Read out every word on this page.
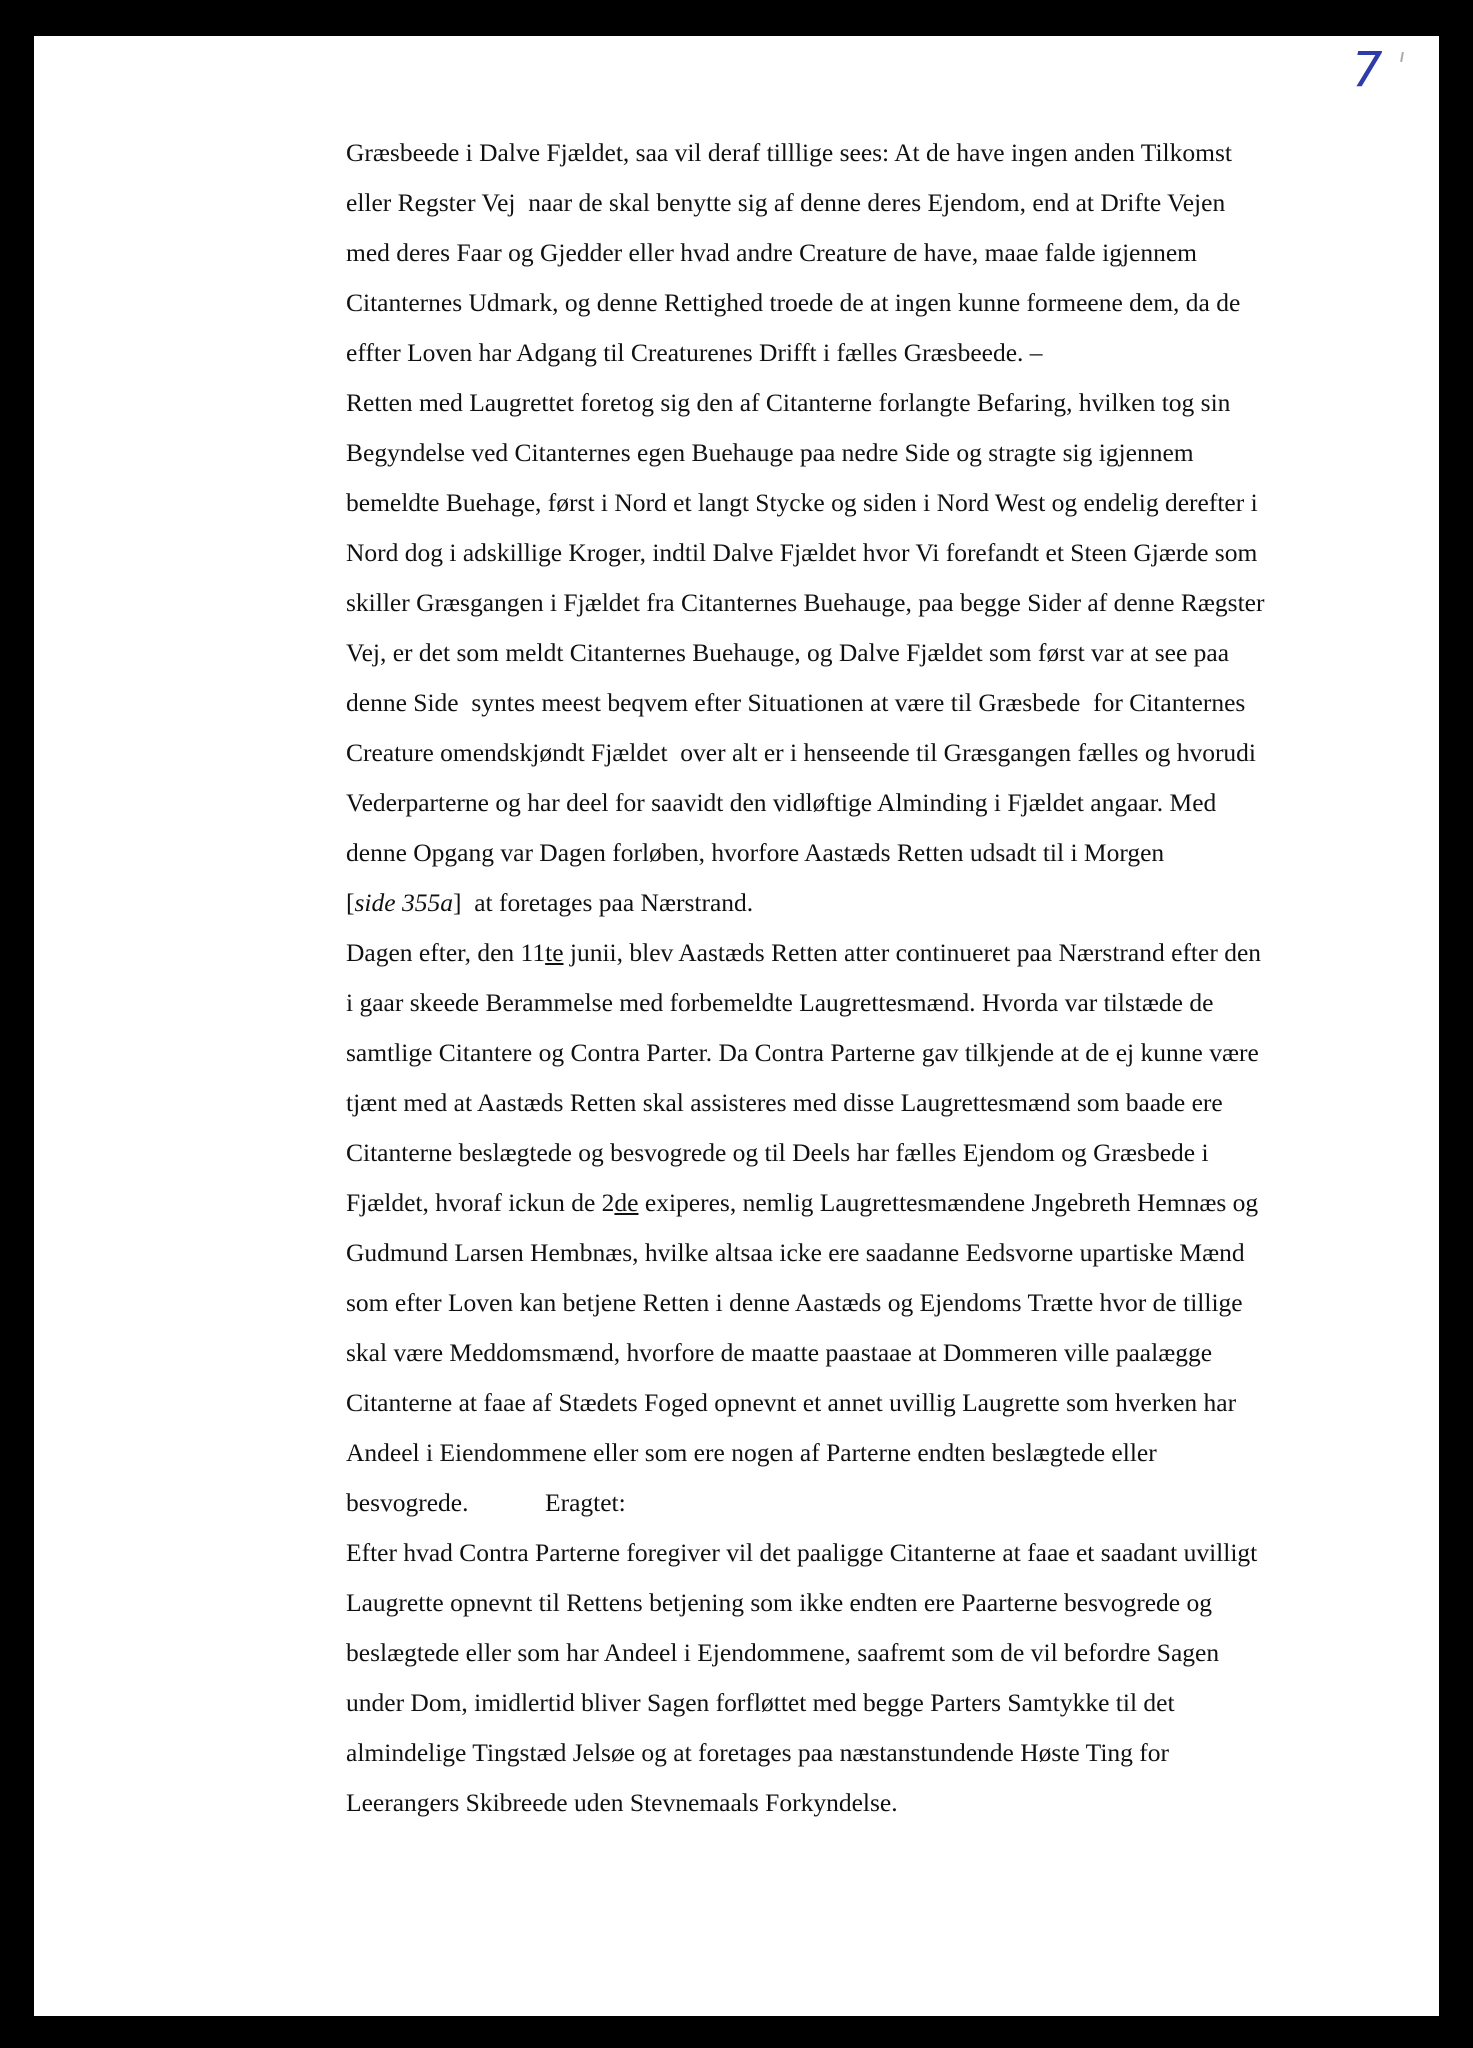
7
Græsbeede i Dalve Fjældet, saa vil deraf tilllige sees: At de have ingen anden Tilkomst
eller Regster Vej  naar de skal benytte sig af denne deres Ejendom, end at Drifte Vejen
med deres Faar og Gjedder eller hvad andre Creature de have, maae falde igjennem
Citanternes Udmark, og denne Rettighed troede de at ingen kunne formeene dem, da de
effter Loven har Adgang til Creaturenes Drifft i fælles Græsbeede. –
Retten med Laugrettet foretog sig den af Citanterne forlangte Befaring, hvilken tog sin
Begyndelse ved Citanternes egen Buehauge paa nedre Side og stragte sig igjennem
bemeldte Buehage, først i Nord et langt Stycke og siden i Nord West og endelig derefter i
Nord dog i adskillige Kroger, indtil Dalve Fjældet hvor Vi forefandt et Steen Gjærde som
skiller Græsgangen i Fjældet fra Citanternes Buehauge, paa begge Sider af denne Rægster
Vej, er det som meldt Citanternes Buehauge, og Dalve Fjældet som først var at see paa
denne Side  syntes meest beqvem efter Situationen at være til Græsbede  for Citanternes
Creature omendskjøndt Fjældet  over alt er i henseende til Græsgangen fælles og hvorudi
Vederparterne og har deel for saavidt den vidløftige Alminding i Fjældet angaar. Med
denne Opgang var Dagen forløben, hvorfore Aastæds Retten udsadt til i Morgen
[side 355a]  at foretages paa Nærstrand.
Dagen efter, den 11te junii, blev Aastæds Retten atter continueret paa Nærstrand efter den
i gaar skeede Berammelse med forbemeldte Laugrettesmænd. Hvorda var tilstæde de
samtlige Citantere og Contra Parter. Da Contra Parterne gav tilkjende at de ej kunne være
tjænt med at Aastæds Retten skal assisteres med disse Laugrettesmænd som baade ere
Citanterne beslægtede og besvogrede og til Deels har fælles Ejendom og Græsbede i
Fjældet, hvoraf ickun de 2de exiperes, nemlig Laugrettesmændene Jngebreth Hemnæs og
Gudmund Larsen Hembnæs, hvilke altsaa icke ere saadanne Eedsvorne upartiske Mænd
som efter Loven kan betjene Retten i denne Aastæds og Ejendoms Trætte hvor de tillige
skal være Meddomsmænd, hvorfore de maatte paastaae at Dommeren ville paalægge
Citanterne at faae af Stædets Foged opnevnt et annet uvillig Laugrette som hverken har
Andeel i Eiendommene eller som ere nogen af Parterne endten beslægtede eller
besvogrede.            Eragtet:
Efter hvad Contra Parterne foregiver vil det paaligge Citanterne at faae et saadant uvilligt
Laugrette opnevnt til Rettens betjening som ikke endten ere Paarterne besvogrede og
beslægtede eller som har Andeel i Ejendommene, saafremt som de vil befordre Sagen
under Dom, imidlertid bliver Sagen forfløttet med begge Parters Samtykke til det
almindelige Tingstæd Jelsøe og at foretages paa næstanstundende Høste Ting for
Leerangers Skibreede uden Stevnemaals Forkyndelse.
